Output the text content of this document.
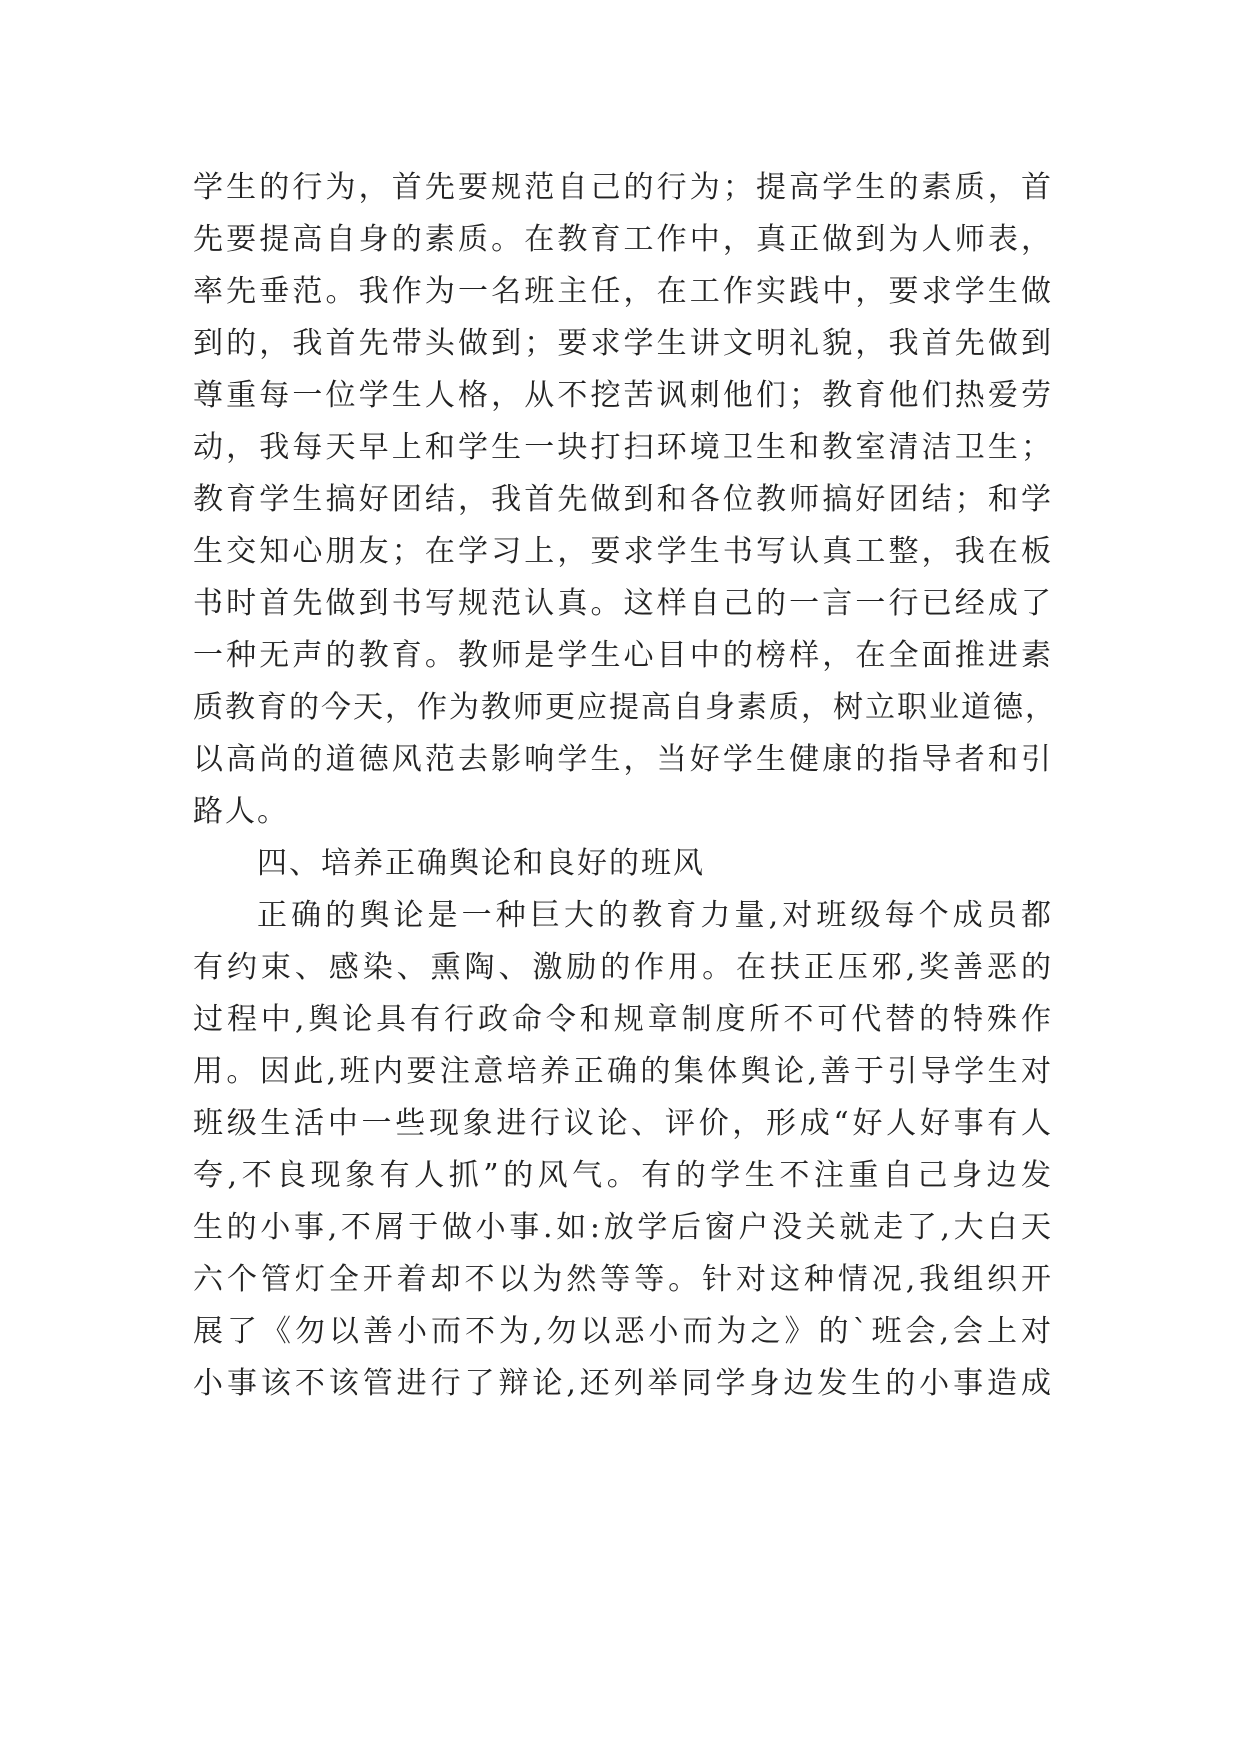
学生的行为，首先要规范自己的行为；提高学生的素质，首
先要提高自身的素质。在教育工作中，真正做到为人师表，
率先垂范。我作为一名班主任，在工作实践中，要求学生做
到的，我首先带头做到；要求学生讲文明礼貌，我首先做到
尊重每一位学生人格，从不挖苦讽刺他们；教育他们热爱劳
动，我每天早上和学生一块打扫环境卫生和教室清洁卫生；
教育学生搞好团结，我首先做到和各位教师搞好团结；和学
生交知心朋友；在学习上，要求学生书写认真工整，我在板
书时首先做到书写规范认真。这样自己的一言一行已经成了
一种无声的教育。教师是学生心目中的榜样，在全面推进素
质教育的今天，作为教师更应提高自身素质，树立职业道德，
以高尚的道德风范去影响学生，当好学生健康的指导者和引
路人。
四、培养正确舆论和良好的班风
正确的舆论是一种巨大的教育力量,对班级每个成员都
有约束、感染、熏陶、激励的作用。在扶正压邪,奖善恶的
过程中,舆论具有行政命令和规章制度所不可代替的特殊作
用。因此,班内要注意培养正确的集体舆论,善于引导学生对
班级生活中一些现象进行议论、评价，形成“好人好事有人
夸,不良现象有人抓”的风气。有的学生不注重自己身边发
生的小事,不屑于做小事.如:放学后窗户没关就走了,大白天
六个管灯全开着却不以为然等等。针对这种情况,我组织开
展了《勿以善小而不为,勿以恶小而为之》的`班会,会上对
小事该不该管进行了辩论,还列举同学身边发生的小事造成
